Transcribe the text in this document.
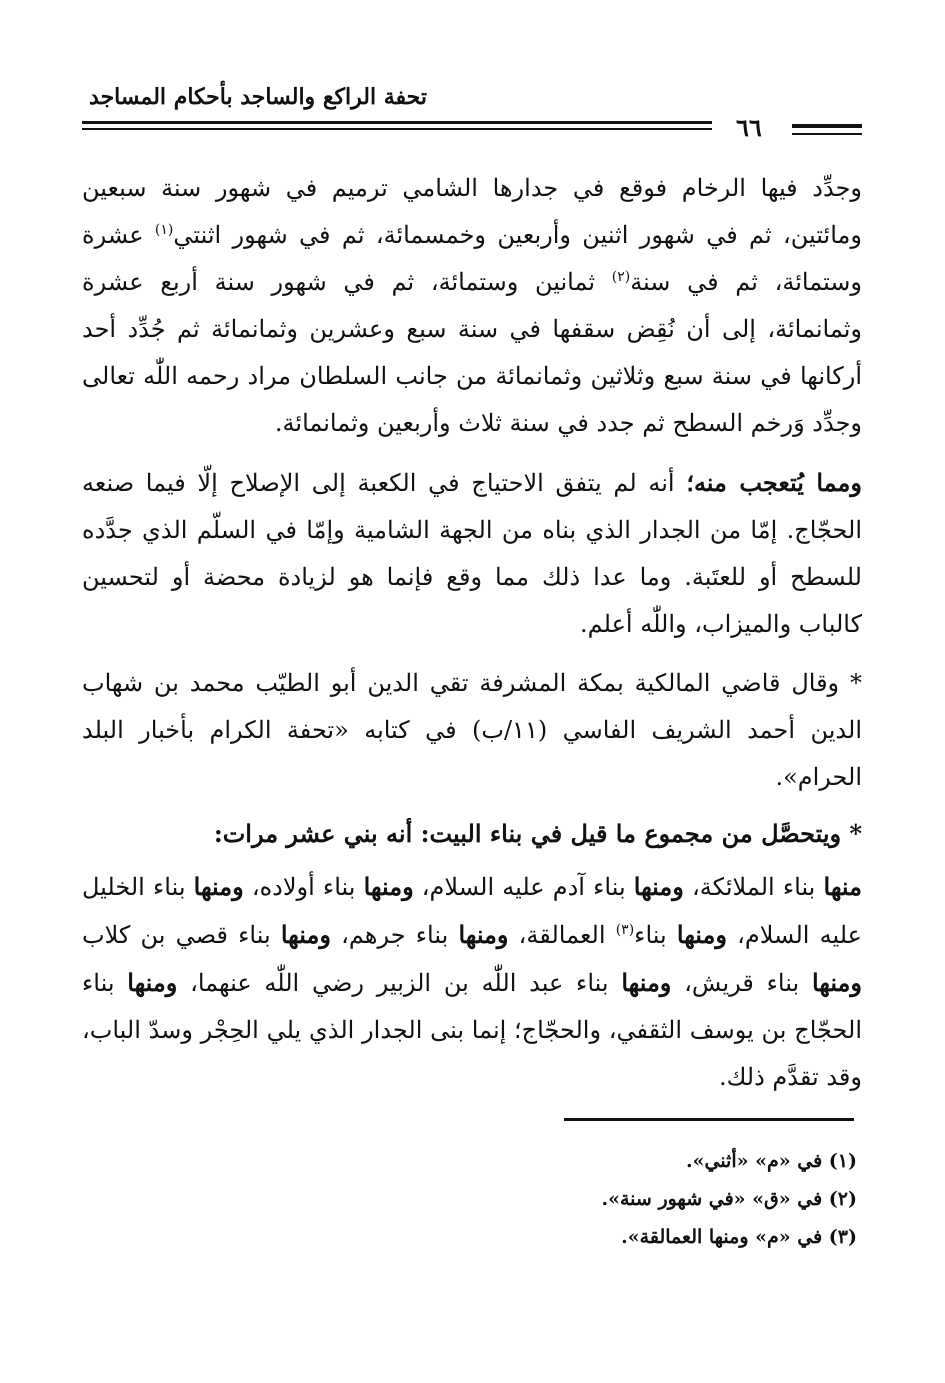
تحفة الراكع والساجد بأحكام المساجد
٦٦

وجدِّد فيها الرخام فوقع في جدارها الشامي ترميم في شهور سنة سبعين ومائتين، ثم في شهور اثنين وأربعين وخمسمائة، ثم في شهور اثنتي$^{(١)}$ عشرة وستمائة، ثم في سنة$^{(٢)}$ ثمانين وستمائة، ثم في شهور سنة أربع عشرة وثمانمائة، إلى أن نُقِض سقفها في سنة سبع وعشرين وثمانمائة ثم جُدِّد أحد أركانها في سنة سبع وثلاثين وثمانمائة من جانب السلطان مراد رحمه اللّٰه تعالى وجدِّد وَرخم السطح ثم جدد في سنة ثلاث وأربعين وثمانمائة.

ومما يُتعجب منه؛ أنه لم يتفق الاحتياج في الكعبة إلى الإصلاح إلّا فيما صنعه الحجّاج. إمّا من الجدار الذي بناه من الجهة الشامية وإمّا في السلّم الذي جدَّده للسطح أو للعتَبة. وما عدا ذلك مما وقع فإنما هو لزيادة محضة أو لتحسين كالباب والميزاب، واللّٰه أعلم.

* وقال قاضي المالكية بمكة المشرفة تقي الدين أبو الطيّب محمد بن شهاب الدين أحمد الشريف الفاسي (١١/ب) في كتابه «تحفة الكرام بأخبار البلد الحرام».

* ويتحصَّل من مجموع ما قيل في بناء البيت: أنه بني عشر مرات:

منها بناء الملائكة، ومنها بناء آدم عليه السلام، ومنها بناء أولاده، ومنها بناء الخليل عليه السلام، ومنها بناء$^{(٣)}$ العمالقة، ومنها بناء جرهم، ومنها بناء قصي بن كلاب ومنها بناء قريش، ومنها بناء عبد اللّٰه بن الزبير رضي اللّٰه عنهما، ومنها بناء الحجّاج بن يوسف الثقفي، والحجّاج؛ إنما بنى الجدار الذي يلي الحِجْر وسدّ الباب، وقد تقدَّم ذلك.

(١) في «م» «أثني».
(٢) في «ق» «في شهور سنة».
(٣) في «م» ومنها العمالقة».
